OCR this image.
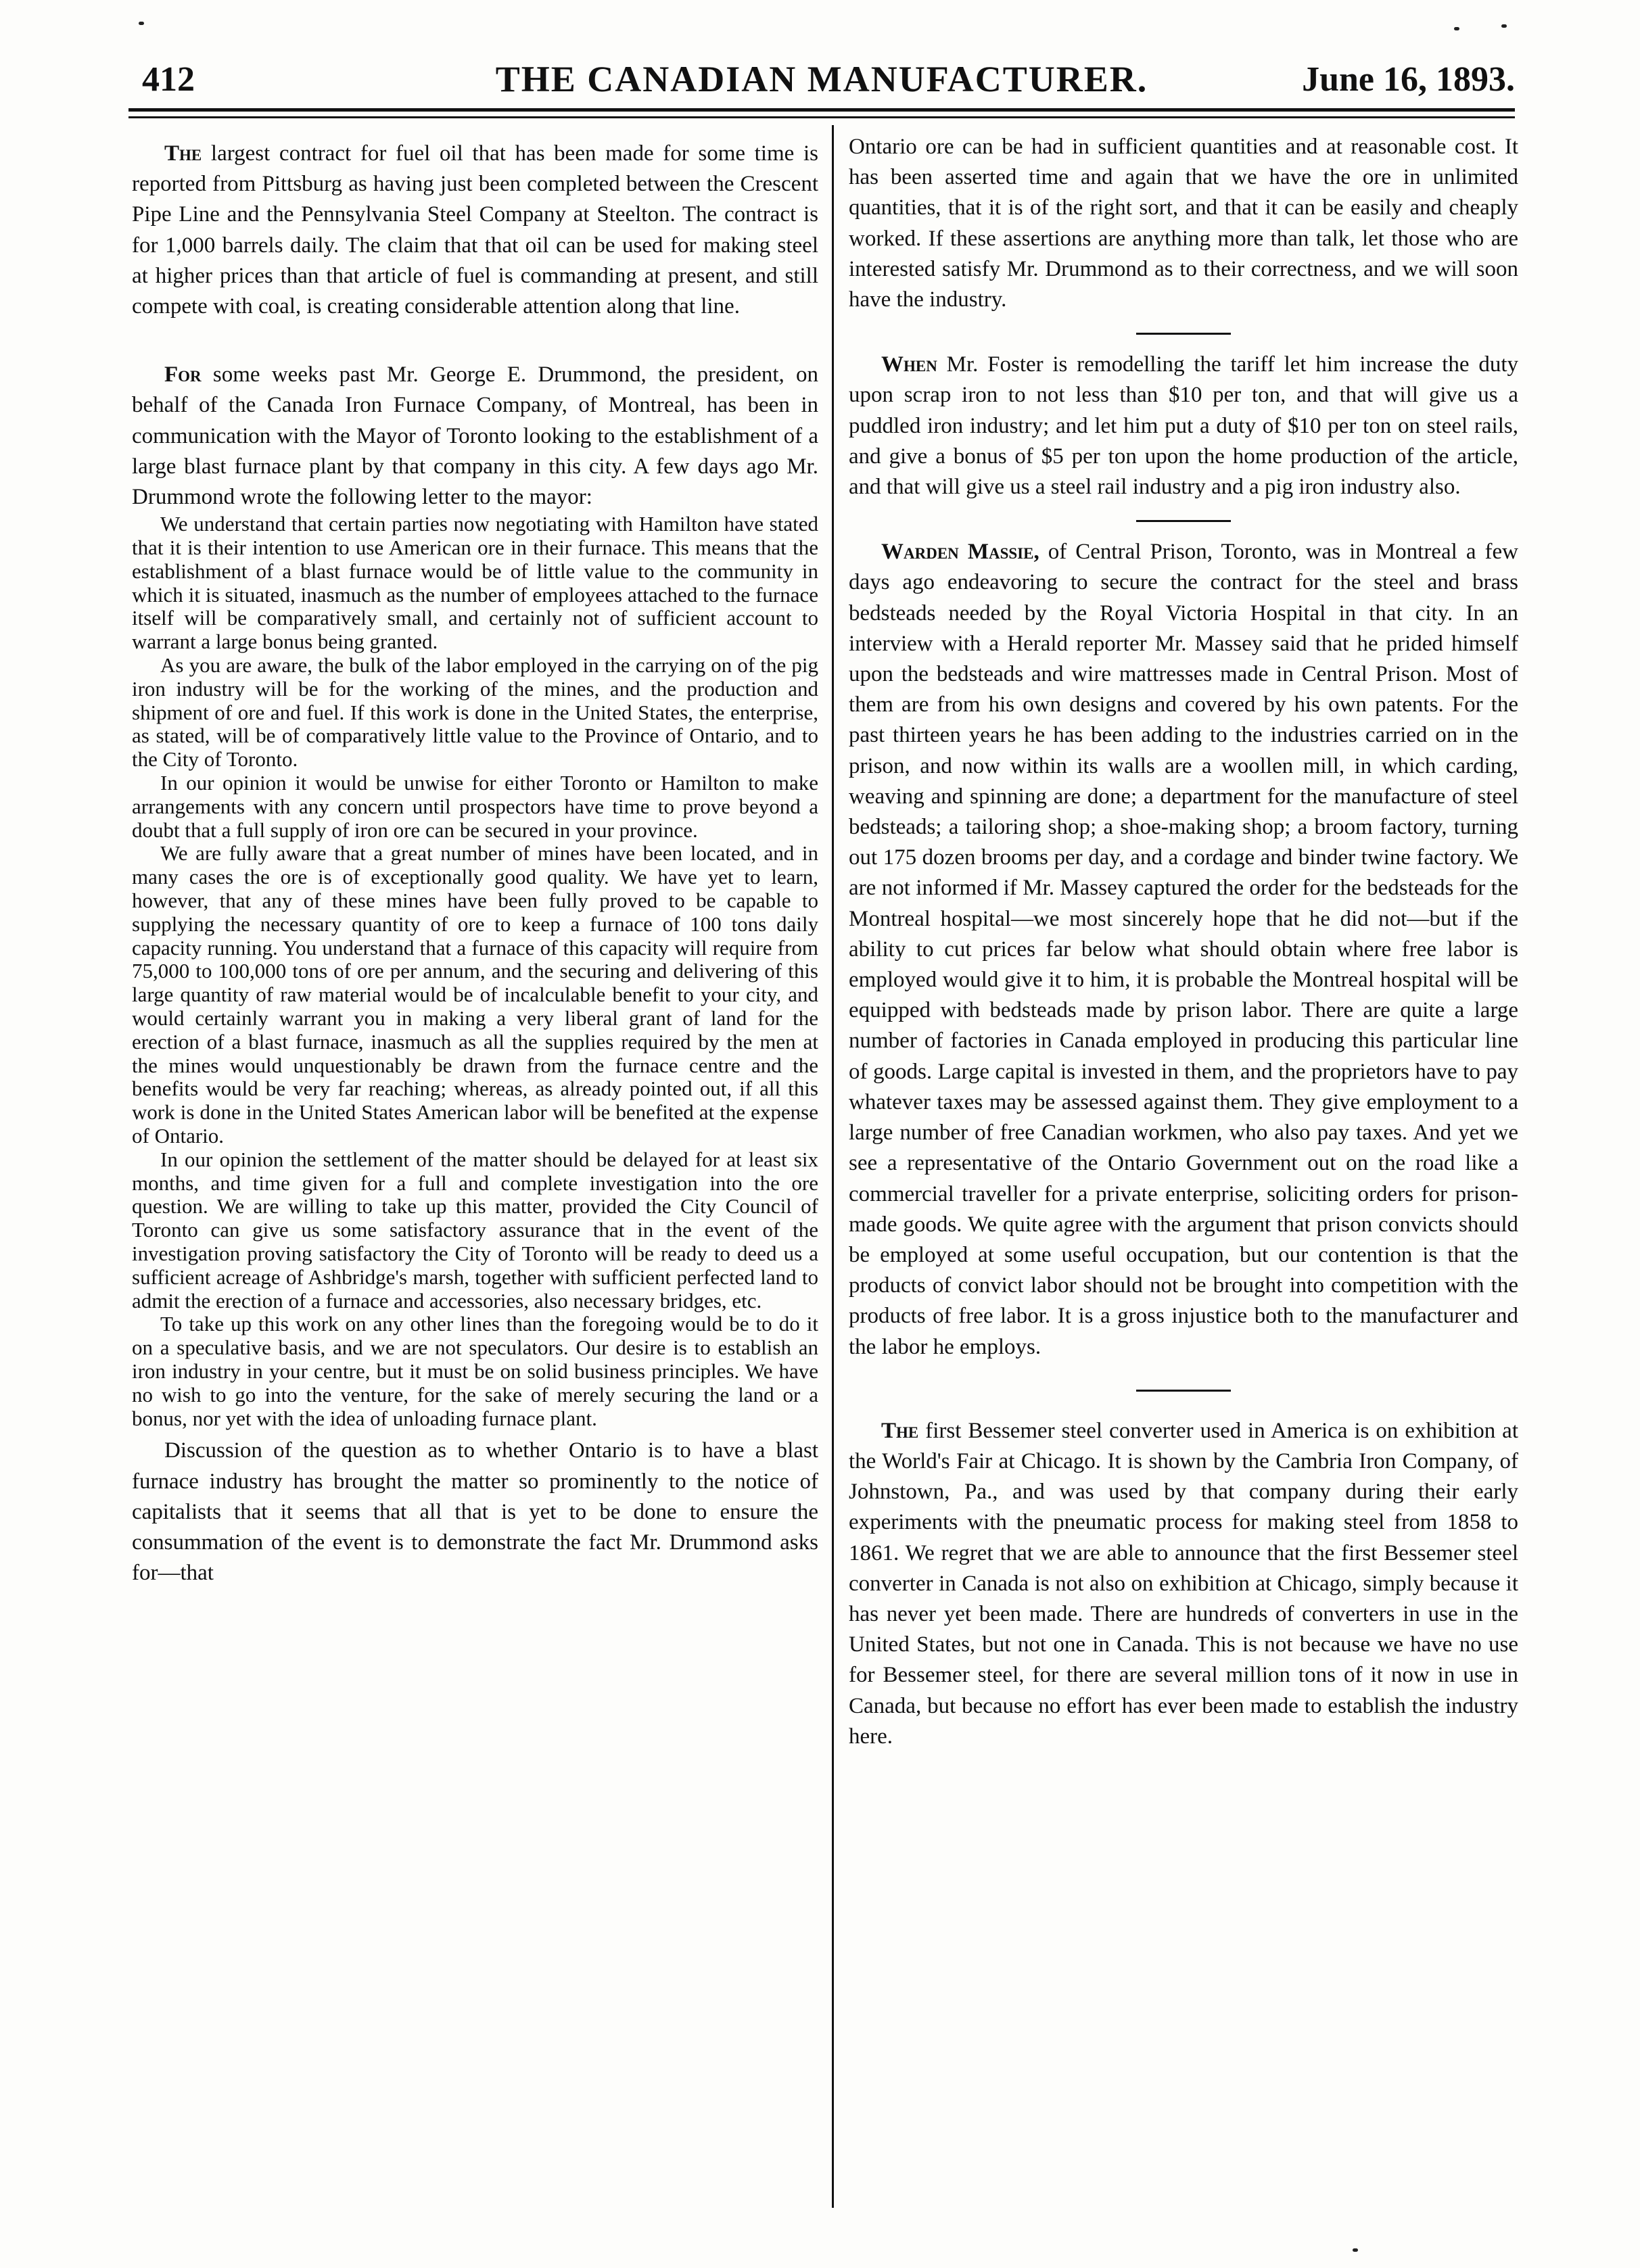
412	THE CANADIAN MANUFACTURER.	June 16, 1893.

The largest contract for fuel oil that has been made for some time is reported from Pittsburg as having just been completed between the Crescent Pipe Line and the Pennsylvania Steel Company at Steelton. The contract is for 1,000 barrels daily. The claim that that oil can be used for making steel at higher prices than that article of fuel is commanding at present, and still compete with coal, is creating considerable attention along that line.

For some weeks past Mr. George E. Drummond, the president, on behalf of the Canada Iron Furnace Company, of Montreal, has been in communication with the Mayor of Toronto looking to the establishment of a large blast furnace plant by that company in this city. A few days ago Mr. Drummond wrote the following letter to the mayor:

We understand that certain parties now negotiating with Hamilton have stated that it is their intention to use American ore in their furnace. This means that the establishment of a blast furnace would be of little value to the community in which it is situated, inasmuch as the number of employees attached to the furnace itself will be comparatively small, and certainly not of sufficient account to warrant a large bonus being granted.

As you are aware, the bulk of the labor employed in the carrying on of the pig iron industry will be for the working of the mines, and the production and shipment of ore and fuel. If this work is done in the United States, the enterprise, as stated, will be of comparatively little value to the Province of Ontario, and to the City of Toronto.

In our opinion it would be unwise for either Toronto or Hamilton to make arrangements with any concern until prospectors have time to prove beyond a doubt that a full supply of iron ore can be secured in your province.

We are fully aware that a great number of mines have been located, and in many cases the ore is of exceptionally good quality. We have yet to learn, however, that any of these mines have been fully proved to be capable to supplying the necessary quantity of ore to keep a furnace of 100 tons daily capacity running. You understand that a furnace of this capacity will require from 75,000 to 100,000 tons of ore per annum, and the securing and delivering of this large quantity of raw material would be of incalculable benefit to your city, and would certainly warrant you in making a very liberal grant of land for the erection of a blast furnace, inasmuch as all the supplies required by the men at the mines would unquestionably be drawn from the furnace centre and the benefits would be very far reaching; whereas, as already pointed out, if all this work is done in the United States American labor will be benefited at the expense of Ontario.

In our opinion the settlement of the matter should be delayed for at least six months, and time given for a full and complete investigation into the ore question. We are willing to take up this matter, provided the City Council of Toronto can give us some satisfactory assurance that in the event of the investigation proving satisfactory the City of Toronto will be ready to deed us a sufficient acreage of Ashbridge's marsh, together with sufficient perfected land to admit the erection of a furnace and accessories, also necessary bridges, etc.

To take up this work on any other lines than the foregoing would be to do it on a speculative basis, and we are not speculators. Our desire is to establish an iron industry in your centre, but it must be on solid business principles. We have no wish to go into the venture, for the sake of merely securing the land or a bonus, nor yet with the idea of unloading furnace plant.

Discussion of the question as to whether Ontario is to have a blast furnace industry has brought the matter so prominently to the notice of capitalists that it seems that all that is yet to be done to ensure the consummation of the event is to demonstrate the fact Mr. Drummond asks for—that

Ontario ore can be had in sufficient quantities and at reasonable cost. It has been asserted time and again that we have the ore in unlimited quantities, that it is of the right sort, and that it can be easily and cheaply worked. If these assertions are anything more than talk, let those who are interested satisfy Mr. Drummond as to their correctness, and we will soon have the industry.

When Mr. Foster is remodelling the tariff let him increase the duty upon scrap iron to not less than $10 per ton, and that will give us a puddled iron industry; and let him put a duty of $10 per ton on steel rails, and give a bonus of $5 per ton upon the home production of the article, and that will give us a steel rail industry and a pig iron industry also.

Warden Massie, of Central Prison, Toronto, was in Montreal a few days ago endeavoring to secure the contract for the steel and brass bedsteads needed by the Royal Victoria Hospital in that city. In an interview with a Herald reporter Mr. Massey said that he prided himself upon the bedsteads and wire mattresses made in Central Prison. Most of them are from his own designs and covered by his own patents. For the past thirteen years he has been adding to the industries carried on in the prison, and now within its walls are a woollen mill, in which carding, weaving and spinning are done; a department for the manufacture of steel bedsteads; a tailoring shop; a shoe-making shop; a broom factory, turning out 175 dozen brooms per day, and a cordage and binder twine factory. We are not informed if Mr. Massey captured the order for the bedsteads for the Montreal hospital—we most sincerely hope that he did not—but if the ability to cut prices far below what should obtain where free labor is employed would give it to him, it is probable the Montreal hospital will be equipped with bedsteads made by prison labor. There are quite a large number of factories in Canada employed in producing this particular line of goods. Large capital is invested in them, and the proprietors have to pay whatever taxes may be assessed against them. They give employment to a large number of free Canadian workmen, who also pay taxes. And yet we see a representative of the Ontario Government out on the road like a commercial traveller for a private enterprise, soliciting orders for prison-made goods. We quite agree with the argument that prison convicts should be employed at some useful occupation, but our contention is that the products of convict labor should not be brought into competition with the products of free labor. It is a gross injustice both to the manufacturer and the labor he employs.

The first Bessemer steel converter used in America is on exhibition at the World's Fair at Chicago. It is shown by the Cambria Iron Company, of Johnstown, Pa., and was used by that company during their early experiments with the pneumatic process for making steel from 1858 to 1861. We regret that we are able to announce that the first Bessemer steel converter in Canada is not also on exhibition at Chicago, simply because it has never yet been made. There are hundreds of converters in use in the United States, but not one in Canada. This is not because we have no use for Bessemer steel, for there are several million tons of it now in use in Canada, but because no effort has ever been made to establish the industry here.
